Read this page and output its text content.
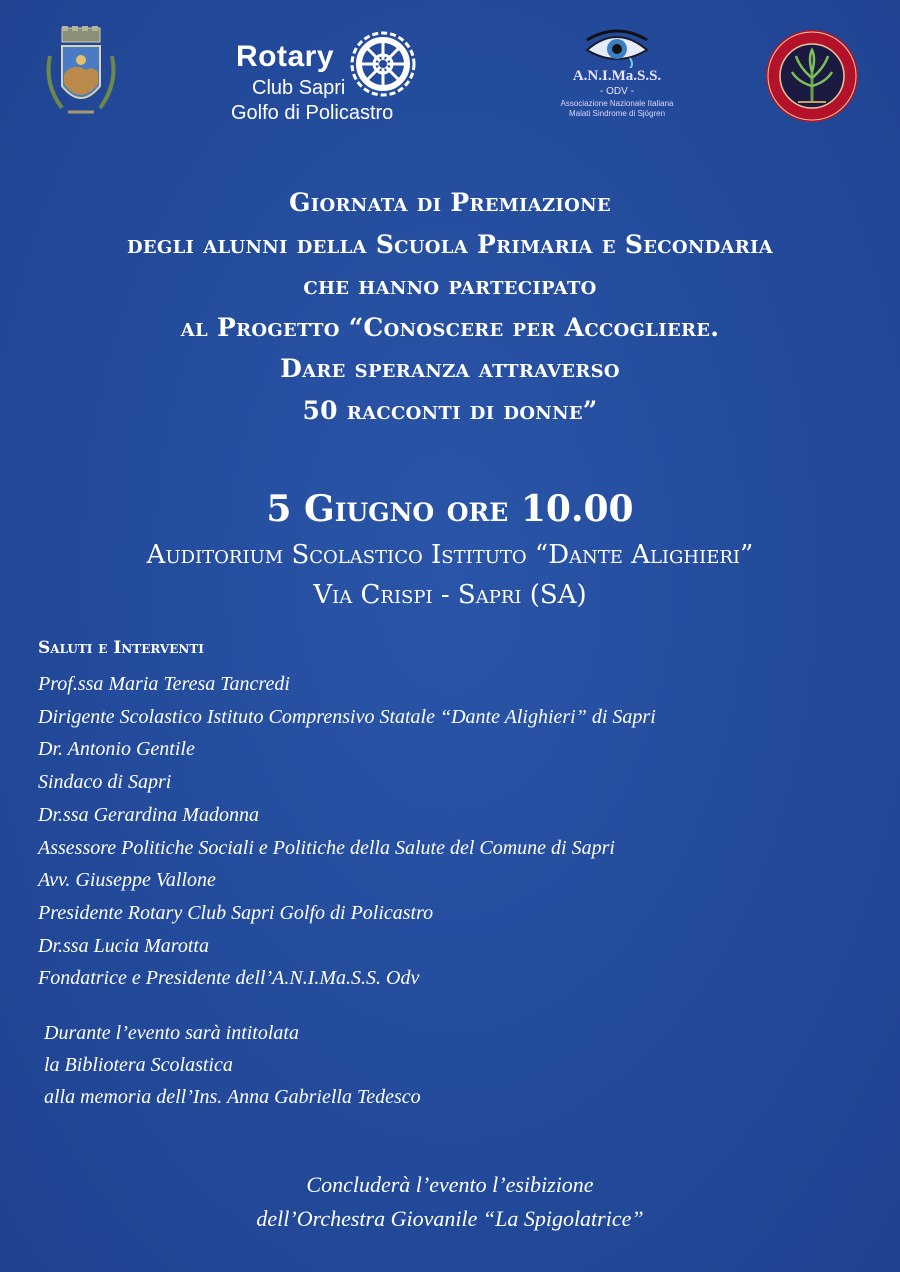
Rotary
Club Sapri
Golfo di Policastro
A.N.I.Ma.S.S.
- ODV -
Associazione Nazionale Italiana
Malati Sindrome di Sjögren
Giornata di Premiazione
degli alunni della Scuola Primaria e Secondaria
che hanno partecipato
al Progetto “Conoscere per Accogliere.
Dare speranza attraverso
50 racconti di donne”
5 Giugno ore 10.00
Auditorium Scolastico Istituto “Dante Alighieri”
Via Crispi - Sapri (SA)
Saluti e Interventi
Prof.ssa Maria Teresa Tancredi
Dirigente Scolastico Istituto Comprensivo Statale “Dante Alighieri” di Sapri
Dr. Antonio Gentile
Sindaco di Sapri
Dr.ssa Gerardina Madonna
Assessore Politiche Sociali e Politiche della Salute del Comune di Sapri
Avv. Giuseppe Vallone
Presidente Rotary Club Sapri Golfo di Policastro
Dr.ssa Lucia Marotta
Fondatrice e Presidente dell’A.N.I.Ma.S.S. Odv
Durante l’evento sarà intitolata
la Bibliotera Scolastica
alla memoria dell’Ins. Anna Gabriella Tedesco
Concluderà l’evento l’esibizione
dell’Orchestra Giovanile “La Spigolatrice”
